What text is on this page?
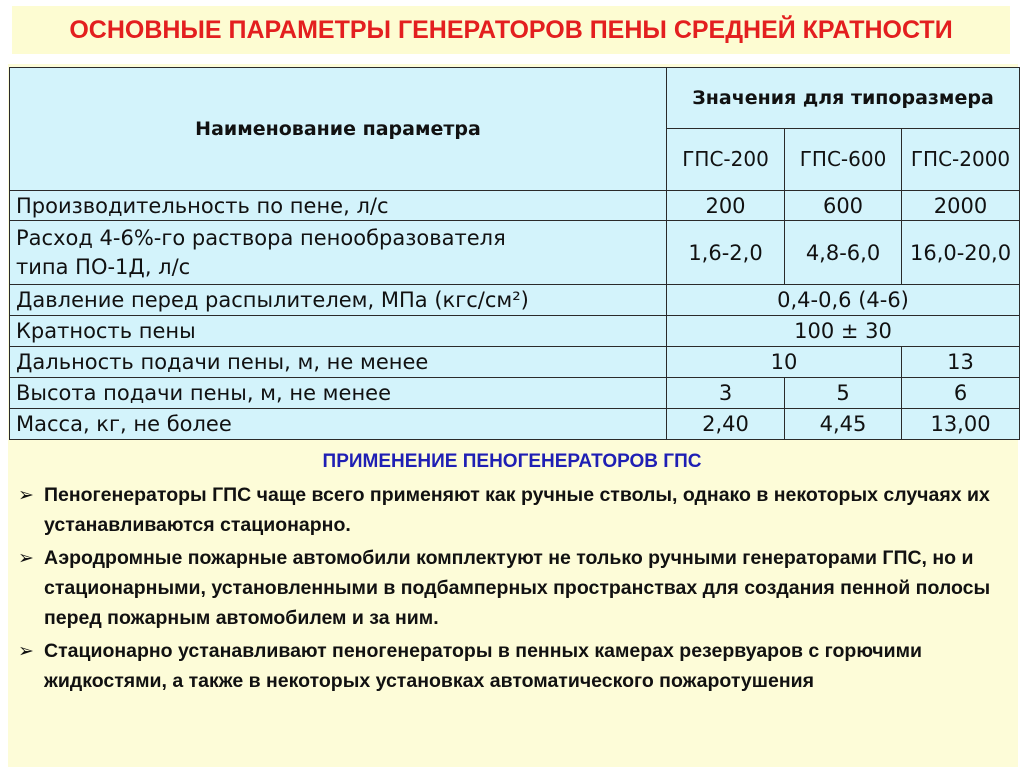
ОСНОВНЫЕ ПАРАМЕТРЫ ГЕНЕРАТОРОВ ПЕНЫ СРЕДНЕЙ КРАТНОСТИ
Наименование параметра	Значения для типоразмера		
	ГПС-200	ГПС-600	ГПС-2000
Производительность по пене, л/с	200	600	2000
Расход 4-6%-го раствора пенообразователя типа ПО-1Д, л/с	1,6-2,0	4,8-6,0	16,0-20,0
Давление перед распылителем, МПа (кгс/см²)	0,4-0,6 (4-6)		
Кратность пены	100 ± 30		
Дальность подачи пены, м, не менее	10		13
Высота подачи пены, м, не менее	3	5	6
Масса, кг, не более	2,40	4,45	13,00
ПРИМЕНЕНИЕ ПЕНОГЕНЕРАТОРОВ ГПС
➢ Пеногенераторы ГПС чаще всего применяют как ручные стволы, однако в некоторых случаях их устанавливаются стационарно.
➢ Аэродромные пожарные автомобили комплектуют не только ручными генераторами ГПС, но и стационарными, установленными в подбамперных пространствах для создания пенной полосы перед пожарным автомобилем и за ним.
➢ Стационарно устанавливают пеногенераторы в пенных камерах резервуаров с горючими жидкостями, а также в некоторых установках автоматического пожаротушения
